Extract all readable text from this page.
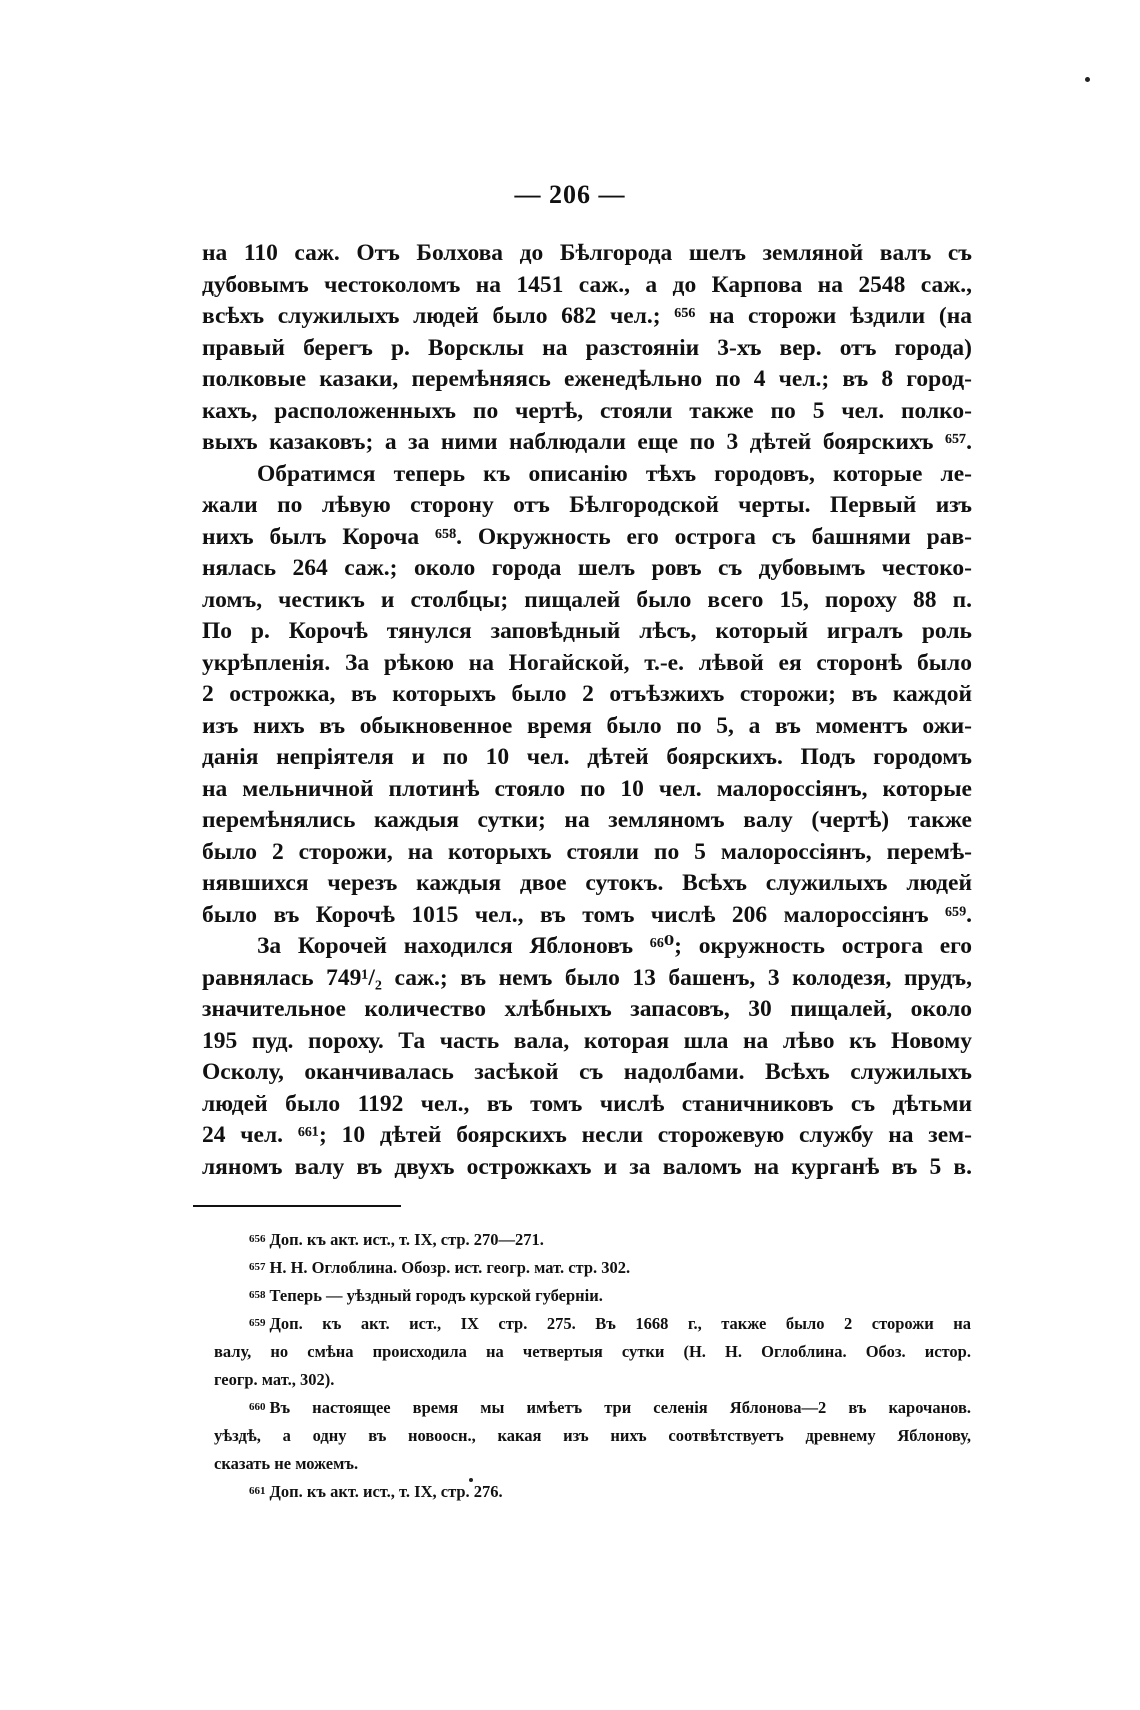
— 206 —
на 110 саж. Отъ Болхова до Бѣлгорода шелъ земляной валъ съ
дубовымъ честоколомъ на 1451 саж., а до Карпова на 2548 саж.,
всѣхъ служилыхъ людей было 682 чел.; ⁶⁵⁶ на сторожи ѣздили (на
правый берегъ р. Ворсклы на разстояніи 3-хъ вер. отъ города)
полковые казаки, перемѣняясь еженедѣльно по 4 чел.; въ 8 город-
кахъ, расположенныхъ по чертѣ, стояли также по 5 чел. полко-
выхъ казаковъ; а за ними наблюдали еще по 3 дѣтей боярскихъ ⁶⁵⁷.
Обратимся теперь къ описанію тѣхъ городовъ, которые ле-
жали по лѣвую сторону отъ Бѣлгородской черты. Первый изъ
нихъ былъ Короча ⁶⁵⁸. Окружность его острога съ башнями рав-
нялась 264 саж.; около города шелъ ровъ съ дубовымъ честоко-
ломъ, честикъ и столбцы; пищалей было всего 15, пороху 88 п.
По р. Корочѣ тянулся заповѣдный лѣсъ, который игралъ роль
укрѣпленія. За рѣкою на Ногайской, т.-е. лѣвой ея сторонѣ было
2 острожка, въ которыхъ было 2 отъѣзжихъ сторожи; въ каждой
изъ нихъ въ обыкновенное время было по 5, а въ моментъ ожи-
данія непріятеля и по 10 чел. дѣтей боярскихъ. Подъ городомъ
на мельничной плотинѣ стояло по 10 чел. малороссіянъ, которые
перемѣнялись каждыя сутки; на земляномъ валу (чертѣ) также
было 2 сторожи, на которыхъ стояли по 5 малороссіянъ, перемѣ-
нявшихся черезъ каждыя двое сутокъ. Всѣхъ служилыхъ людей
было въ Корочѣ 1015 чел., въ томъ числѣ 206 малороссіянъ ⁶⁵⁹.
За Корочей находился Яблоновъ ⁶⁶⁰; окружность острога его
равнялась 749¹/₂ саж.; въ немъ было 13 башенъ, 3 колодезя, прудъ,
значительное количество хлѣбныхъ запасовъ, 30 пищалей, около
195 пуд. пороху. Та часть вала, которая шла на лѣво къ Новому
Осколу, оканчивалась засѣкой съ надолбами. Всѣхъ служилыхъ
людей было 1192 чел., въ томъ числѣ станичниковъ съ дѣтьми
24 чел. ⁶⁶¹; 10 дѣтей боярскихъ несли сторожевую службу на зем-
ляномъ валу въ двухъ острожкахъ и за валомъ на курганѣ въ 5 в.
$^{656}$ Доп. къ акт. ист., т. IX, стр. 270—271.
$^{657}$ Н. Н. Оглоблина. Обозр. ист. геогр. мат. стр. 302.
$^{658}$ Теперь — уѣздный городъ курской губерніи.
$^{659}$ Доп. къ акт. ист., IX стр. 275. Въ 1668 г., также было 2 сторожи на
валу, но смѣна происходила на четвертыя сутки (Н. Н. Оглоблина. Обоз. истор.
геогр. мат., 302).
$^{660}$ Въ настоящее время мы имѣетъ три селенія Яблонова—2 въ карочанов.
уѣздѣ, а одну въ новоосн., какая изъ нихъ соотвѣтствуетъ древнему Яблонову,
сказать не можемъ.
$^{661}$ Доп. къ акт. ист., т. IX, стр. 276.
